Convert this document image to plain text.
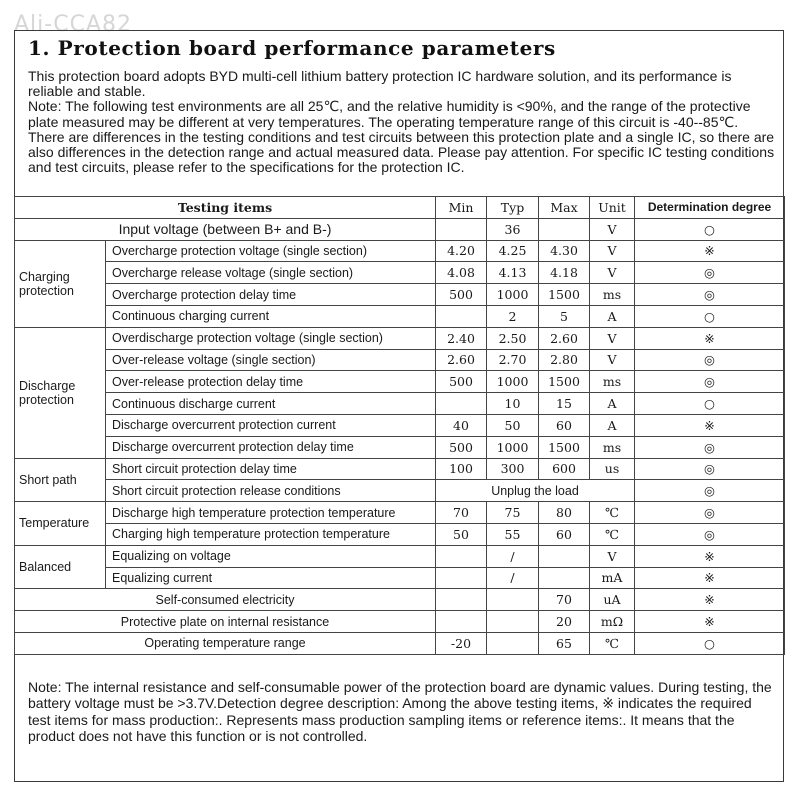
Ali-CCA82
1. Protection board performance parameters

This protection board adopts BYD multi-cell lithium battery protection IC hardware solution, and its performance is reliable and stable.

Note: The following test environments are all 25℃, and the relative humidity is <90%, and the range of the protective plate measured may be different at very temperatures. The operating temperature range of this circuit is -40--85℃. There are differences in the testing conditions and test circuits between this protection plate and a single IC, so there are also differences in the detection range and actual measured data. Please pay attention. For specific IC testing conditions and test circuits, please refer to the specifications for the protection IC.

Testing items		Min	Typ	Max	Unit	Determination degree
Input voltage (between B+ and B-)			36		V	○
Charging
protection	Overcharge protection voltage (single section)	4.20	4.25	4.30	V	※
	Overcharge release voltage (single section)	4.08	4.13	4.18	V	◎
	Overcharge protection delay time	500	1000	1500	ms	◎
	Continuous charging current		2	5	A	○
Discharge
protection	Overdischarge protection voltage (single section)	2.40	2.50	2.60	V	※
	Over-release voltage (single section)	2.60	2.70	2.80	V	◎
	Over-release protection delay time	500	1000	1500	ms	◎
	Continuous discharge current		10	15	A	○
	Discharge overcurrent protection current	40	50	60	A	※
	Discharge overcurrent protection delay time	500	1000	1500	ms	◎
Short path	Short circuit protection delay time	100	300	600	us	◎
	Short circuit protection release conditions	Unplug the load				◎
Temperature	Discharge high temperature protection temperature	70	75	80	℃	◎
	Charging high temperature protection temperature	50	55	60	℃	◎
Balanced	Equalizing on voltage		/		V	※
	Equalizing current		/		mA	※
Self-consumed electricity				70	uA	※
Protective plate on internal resistance				20	mΩ	※
Operating temperature range		-20		65	℃	○

Note: The internal resistance and self-consumable power of the protection board are dynamic values. During testing, the battery voltage must be >3.7V.Detection degree description: Among the above testing items, ※ indicates the required test items for mass production:. Represents mass production sampling items or reference items:. It means that the product does not have this function or is not controlled.
